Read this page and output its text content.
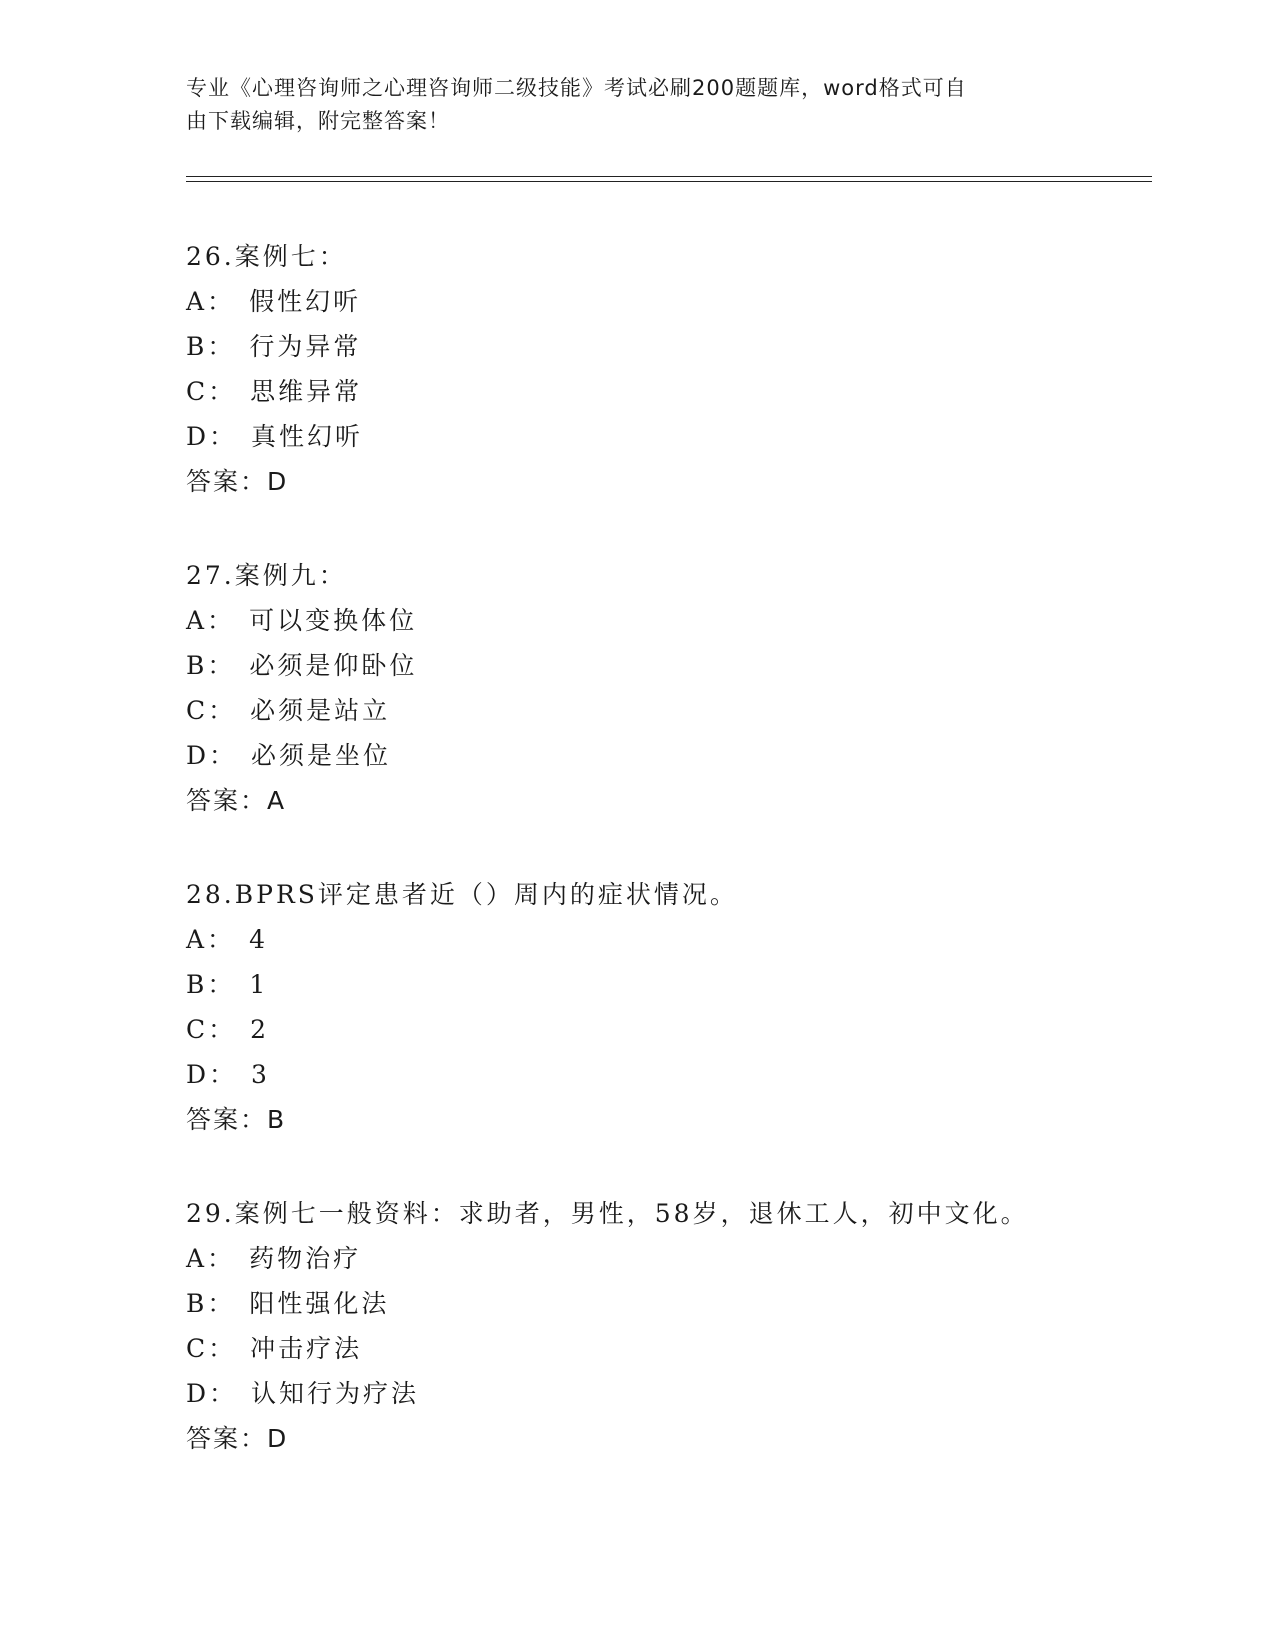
专业《心理咨询师之心理咨询师二级技能》考试必刷200题题库，word格式可自
由下载编辑，附完整答案！
26.案例七：
A： 假性幻听
B： 行为异常
C： 思维异常
D： 真性幻听
答案：D
27.案例九：
A： 可以变换体位
B： 必须是仰卧位
C： 必须是站立
D： 必须是坐位
答案：A
28.BPRS评定患者近（）周内的症状情况。
A： 4
B： 1
C： 2
D： 3
答案：B
29.案例七一般资料：求助者，男性，58岁，退休工人，初中文化。
A： 药物治疗
B： 阳性强化法
C： 冲击疗法
D： 认知行为疗法
答案：D
